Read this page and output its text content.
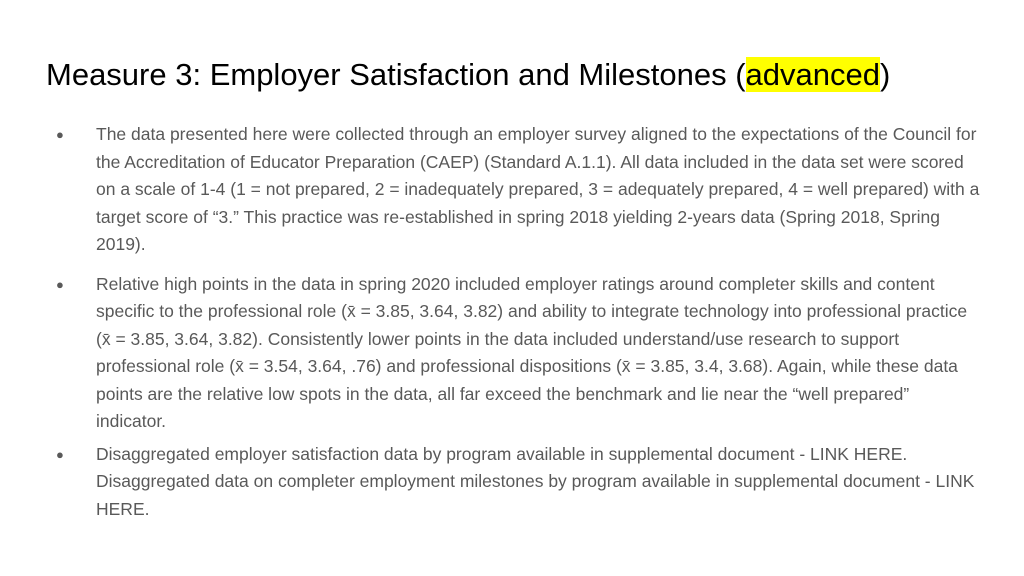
Measure 3: Employer Satisfaction and Milestones (advanced)
● The data presented here were collected through an employer survey aligned to the expectations of the Council for the Accreditation of Educator Preparation (CAEP) (Standard A.1.1). All data included in the data set were scored on a scale of 1-4 (1 = not prepared, 2 = inadequately prepared, 3 = adequately prepared, 4 = well prepared) with a target score of “3.” This practice was re-established in spring 2018 yielding 2-years data (Spring 2018, Spring 2019).
● Relative high points in the data in spring 2020 included employer ratings around completer skills and content specific to the professional role (x̄ = 3.85, 3.64, 3.82) and ability to integrate technology into professional practice (x̄ = 3.85, 3.64, 3.82). Consistently lower points in the data included understand/use research to support professional role (x̄ = 3.54, 3.64, .76) and professional dispositions (x̄ = 3.85, 3.4, 3.68). Again, while these data points are the relative low spots in the data, all far exceed the benchmark and lie near the “well prepared” indicator.
● Disaggregated employer satisfaction data by program available in supplemental document - LINK HERE. Disaggregated data on completer employment milestones by program available in supplemental document - LINK HERE.
